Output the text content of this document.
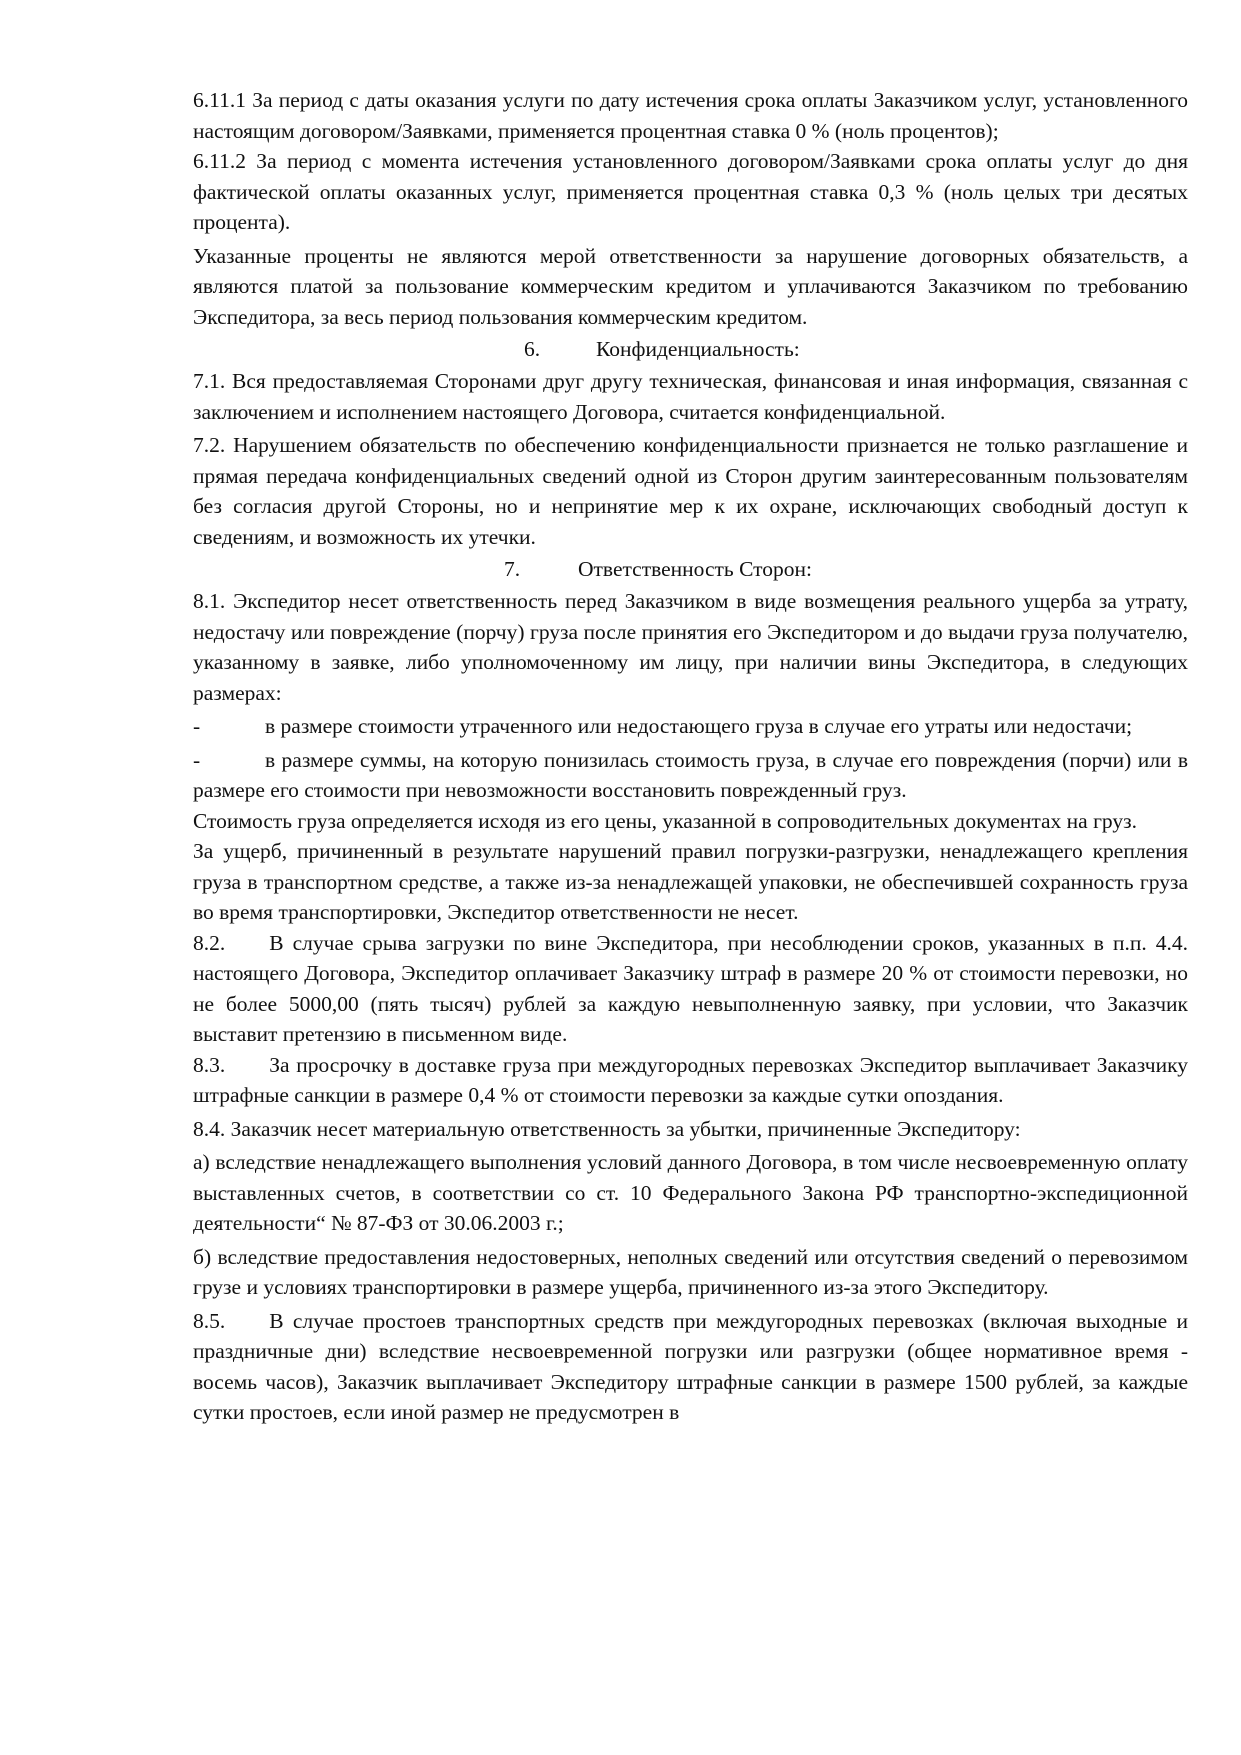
6.11.1 За период с даты оказания услуги по дату истечения срока оплаты Заказчиком услуг, установленного настоящим договором/Заявками, применяется процентная ставка 0 % (ноль процентов);

6.11.2 За период с момента истечения установленного договором/Заявками срока оплаты услуг до дня фактической оплаты оказанных услуг, применяется процентная ставка 0,3 % (ноль целых три десятых процента).

Указанные проценты не являются мерой ответственности за нарушение договорных обязательств, а являются платой за пользование коммерческим кредитом и уплачиваются Заказчиком по требованию Экспедитора, за весь период пользования коммерческим кредитом.

6.	Конфиденциальность:

7.1. Вся предоставляемая Сторонами друг другу техническая, финансовая и иная информация, связанная с заключением и исполнением настоящего Договора, считается конфиденциальной.

7.2. Нарушением обязательств по обеспечению конфиденциальности признается не только разглашение и прямая передача конфиденциальных сведений одной из Сторон другим заинтересованным пользователям без согласия другой Стороны, но и непринятие мер к их охране, исключающих свободный доступ к сведениям, и возможность их утечки.

7.	Ответственность Сторон:

8.1. Экспедитор несет ответственность перед Заказчиком в виде возмещения реального ущерба за утрату, недостачу или повреждение (порчу) груза после принятия его Экспедитором и до выдачи груза получателю, указанному в заявке, либо уполномоченному им лицу, при наличии вины Экспедитора, в следующих размерах:

-	в размере стоимости утраченного или недостающего груза в случае его утраты или недостачи;

-	в размере суммы, на которую понизилась стоимость груза, в случае его повреждения (порчи) или в размере его стоимости при невозможности восстановить поврежденный груз.

Стоимость груза определяется исходя из его цены, указанной в сопроводительных документах на груз.

За ущерб, причиненный в результате нарушений правил погрузки-разгрузки, ненадлежащего крепления груза в транспортном средстве, а также из-за ненадлежащей упаковки, не обеспечившей сохранность груза во время транспортировки, Экспедитор ответственности не несет.

8.2. В случае срыва загрузки по вине Экспедитора, при несоблюдении сроков, указанных в п.п. 4.4. настоящего Договора, Экспедитор оплачивает Заказчику штраф в размере 20 % от стоимости перевозки, но не более 5000,00 (пять тысяч) рублей за каждую невыполненную заявку, при условии, что Заказчик выставит претензию в письменном виде.

8.3. За просрочку в доставке груза при междугородных перевозках Экспедитор выплачивает Заказчику штрафные санкции в размере 0,4 % от стоимости перевозки за каждые сутки опоздания.

8.4. Заказчик несет материальную ответственность за убытки, причиненные Экспедитору:

а) вследствие ненадлежащего выполнения условий данного Договора, в том числе несвоевременную оплату выставленных счетов, в соответствии со ст. 10 Федерального Закона РФ транспортно-экспедиционной деятельности“ № 87-ФЗ от 30.06.2003 г.;

б) вследствие предоставления недостоверных, неполных сведений или отсутствия сведений о перевозимом грузе и условиях транспортировки в размере ущерба, причиненного из-за этого Экспедитору.

8.5. В случае простоев транспортных средств при междугородных перевозках (включая выходные и праздничные дни) вследствие несвоевременной погрузки или разгрузки (общее нормативное время - восемь часов), Заказчик выплачивает Экспедитору штрафные санкции в размере 1500 рублей, за каждые сутки простоев, если иной размер не предусмотрен в
